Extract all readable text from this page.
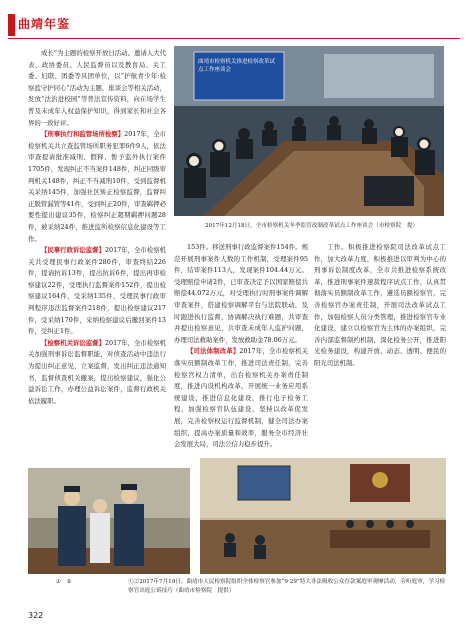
曲靖年鉴

成长”为主题的检察开放日活动。邀请人大代表、政协委员、人民监督员以及教育局、关工委、妇联、团委等具团单位，以“护航青少年·检察蓝守护同心”活动为主题，座谈会等相关活动，发放“法治进校园”等普法宣传资料，向在场学生普及未成年人权益保护知识，得到家长和社会各界的一致好评。

【刑事执行和监管场所检察】2017年，全市检察机关共立查监管场所职务犯罪6件9人，依法审查提请批准减刑、假释、暂予监外执行案件1705件，发现纠正不当案件148件，纠正同级审判机关148件，纠正不当减刑10件，受到监督机关采纳145件，加强社区矫正检察监督，监督纠正脱管漏管等41件，受到纠正20件，审查羁押必要性提出建议35件，检察纠正超期羁押问题28件，被采纳24件，推进监所检察信息化建设等工作。

【民事行政诉讼监督】2017年，全市检察机关共受理民事行政案件280件，审查终结226件，提请抗诉13件，提出抗诉6件，提出再审检察建议22件，受理执行监督案件152件，提出检察建议164件，受采纳135件，受理民事行政审判程序违法监督案件218件，提出检察建议217件，受采纳170件，采纳检察建议后撤回案件13件，受纠正1件。

【检察机关诉讼监督】2017年，全市检察机关加强刑事诉讼监督职能，对侦查活动中违法行为提出纠正意见，立案监督，发出纠正违法通知书，监督侦查机关撤案，提出检察建议，强化公益诉讼工作，办理公益诉讼案件，监督行政机关依法履职。

曲靖市检察机关推进检察改革试点工作座谈会
2017年12月18日，全市检察机关冬季监管改制改革试点工作座谈会（市检察院　提）

153件。移送刑事行政监督案件154件。规范开展刑事案件人数的工作机制，受理案件95件，结审案件113人，发现案件104.44万元。受理赔偿申请2件，已审查决定予以国家赔偿共赔偿44.072万元，对受理执行时刑事案件调解审查案件，搭建检察调解平台与法院联动，及时跟进执行监督，协调解决执行难题，共审查并提出检察意见，共审查未成年人监护问题，办理司法救助案件，发放救助金78.06万元。

【司法体制改革】2017年，全市检察机关落实员额制改革工作，推进司法责任制，完善检察官权力清单，出台检察机关办案责任制度，推进内设机构改革，开展统一业务应用系统建设，推进信息化建设，推行电子检务工程，加强检察官队伍建设，坚持以改革促发展，完善检察权运行监督机制，健全司法办案组织，提高办案质量和效率，服务全市经济社会发展大局，司法公信力稳步提升。

工作。积极推进检察院司法改革试点工作，加大改革力度，积极推进以审判为中心的刑事诉讼制度改革，全市共推进检察系统改革，推进刑事案件速裁程序试点工作，认真贯彻落实员额制改革工作，遴选员额检察官，完善检察官办案责任制，开展司法改革试点工作，加强检察人员分类管理，推进检察官专业化建设，建立以检察官为主体的办案组织，完善内部监督制约机制，深化检务公开，推进阳光检务建设，构建开放、动态、透明、便民的阳光司法机制。

①　②	①②2017年7月19日，曲靖市人民检察院组织全体检察官参加“9·29”特大非法吸收公众存款案庭审观摩活动，旁听庭审，学习检察官出庭公诉技巧（曲靖市检察院　提供）
322
